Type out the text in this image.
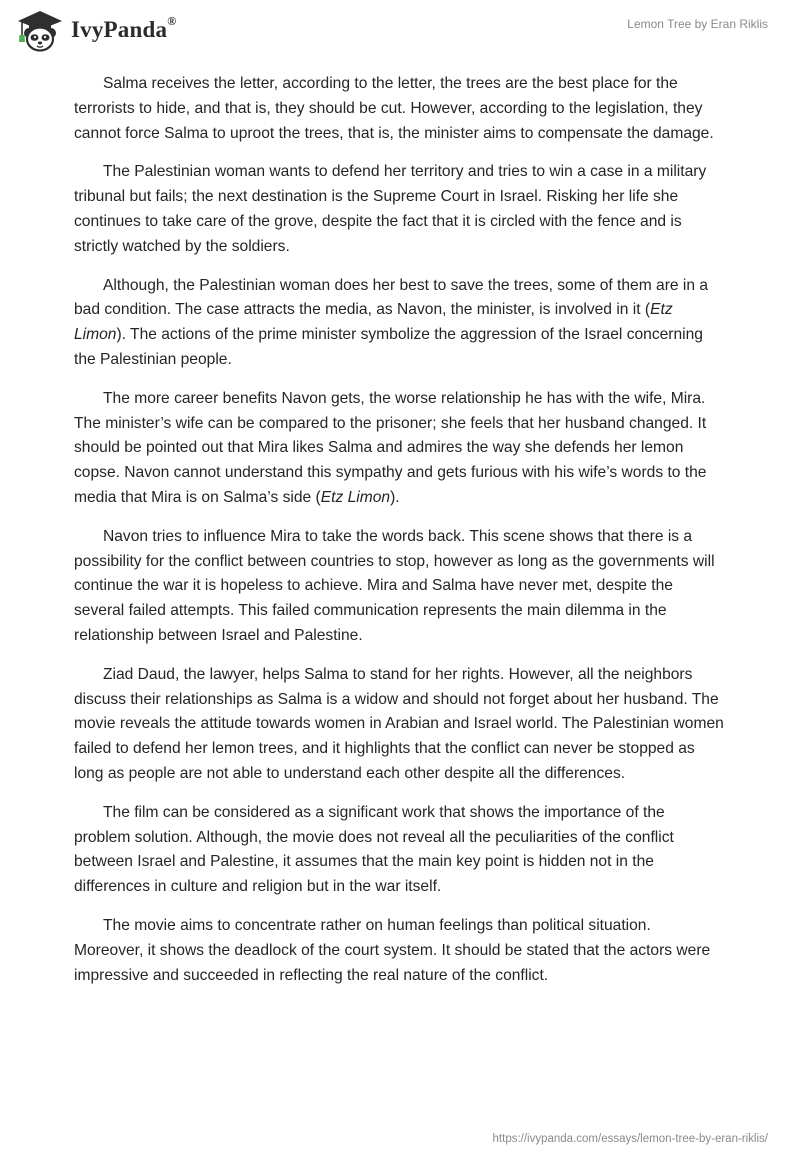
IvyPanda®	Lemon Tree by Eran Riklis

Salma receives the letter, according to the letter, the trees are the best place for the terrorists to hide, and that is, they should be cut. However, according to the legislation, they cannot force Salma to uproot the trees, that is, the minister aims to compensate the damage.

The Palestinian woman wants to defend her territory and tries to win a case in a military tribunal but fails; the next destination is the Supreme Court in Israel. Risking her life she continues to take care of the grove, despite the fact that it is circled with the fence and is strictly watched by the soldiers.

Although, the Palestinian woman does her best to save the trees, some of them are in a bad condition. The case attracts the media, as Navon, the minister, is involved in it (Etz Limon). The actions of the prime minister symbolize the aggression of the Israel concerning the Palestinian people.

The more career benefits Navon gets, the worse relationship he has with the wife, Mira. The minister’s wife can be compared to the prisoner; she feels that her husband changed. It should be pointed out that Mira likes Salma and admires the way she defends her lemon copse. Navon cannot understand this sympathy and gets furious with his wife’s words to the media that Mira is on Salma’s side (Etz Limon).

Navon tries to influence Mira to take the words back. This scene shows that there is a possibility for the conflict between countries to stop, however as long as the governments will continue the war it is hopeless to achieve. Mira and Salma have never met, despite the several failed attempts. This failed communication represents the main dilemma in the relationship between Israel and Palestine.

Ziad Daud, the lawyer, helps Salma to stand for her rights. However, all the neighbors discuss their relationships as Salma is a widow and should not forget about her husband. The movie reveals the attitude towards women in Arabian and Israel world. The Palestinian women failed to defend her lemon trees, and it highlights that the conflict can never be stopped as long as people are not able to understand each other despite all the differences.

The film can be considered as a significant work that shows the importance of the problem solution. Although, the movie does not reveal all the peculiarities of the conflict between Israel and Palestine, it assumes that the main key point is hidden not in the differences in culture and religion but in the war itself.

The movie aims to concentrate rather on human feelings than political situation. Moreover, it shows the deadlock of the court system. It should be stated that the actors were impressive and succeeded in reflecting the real nature of the conflict.

https://ivypanda.com/essays/lemon-tree-by-eran-riklis/
